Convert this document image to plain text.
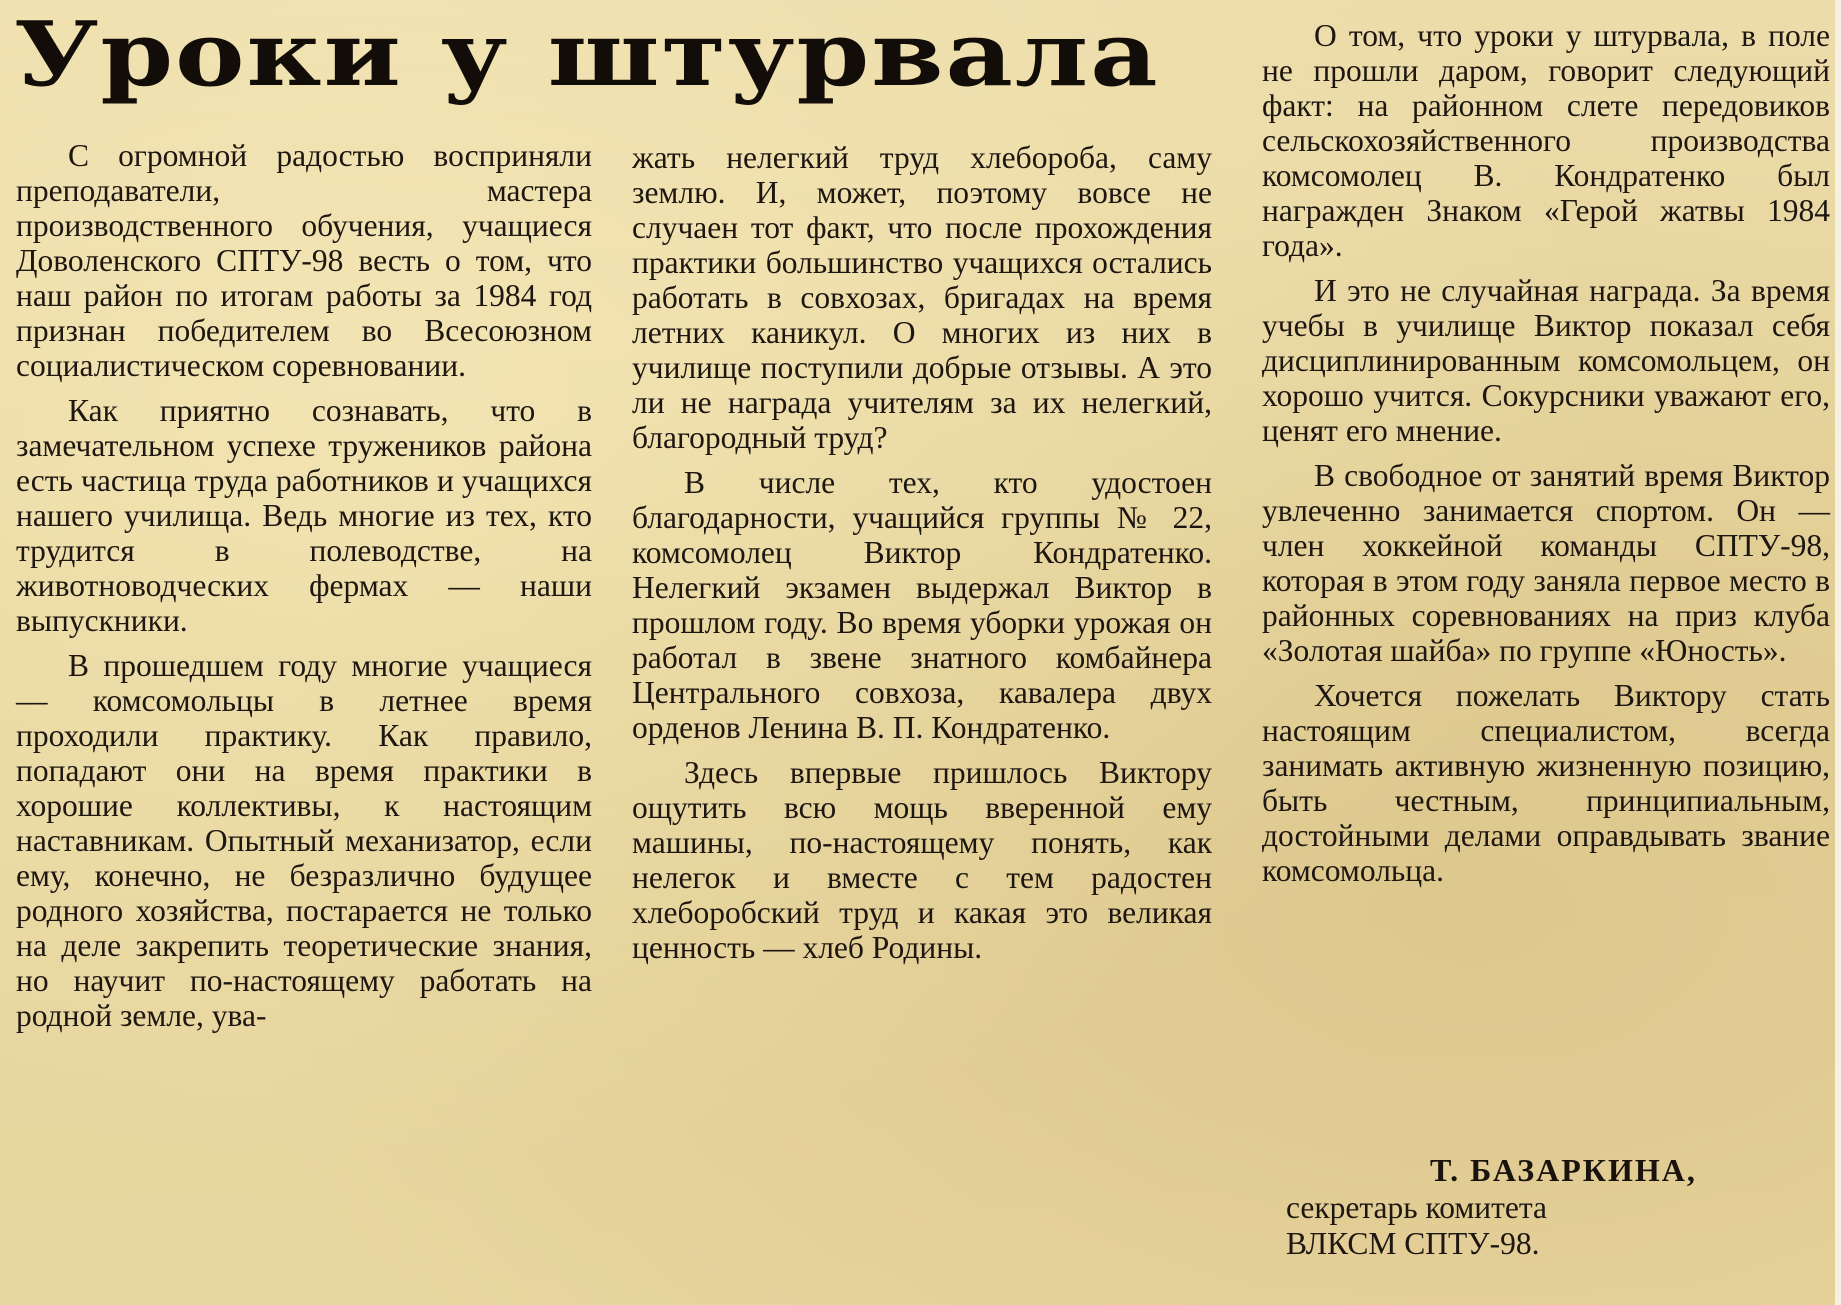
Уроки у штурвала

С огромной радостью восприняли преподаватели, мастера производственного обучения, учащиеся Доволенского СПТУ-98 весть о том, что наш район по итогам работы за 1984 год признан победителем во Всесоюзном социалистическом соревновании.

Как приятно сознавать, что в замечательном успехе тружеников района есть частица труда работников и учащихся нашего училища. Ведь многие из тех, кто трудится в полеводстве, на животноводческих фермах — наши выпускники.

В прошедшем году многие учащиеся — комсомольцы в летнее время проходили практику. Как правило, попадают они на время практики в хорошие коллективы, к настоящим наставникам. Опытный механизатор, если ему, конечно, не безразлично будущее родного хозяйства, постарается не только на деле закрепить теоретические знания, но научит по-настоящему работать на родной земле, ува-

жать нелегкий труд хлебороба, саму землю. И, может, поэтому вовсе не случаен тот факт, что после прохождения практики большинство учащихся остались работать в совхозах, бригадах на время летних каникул. О многих из них в училище поступили добрые отзывы. А это ли не награда учителям за их нелегкий, благородный труд?

В числе тех, кто удостоен благодарности, учащийся группы № 22, комсомолец Виктор Кондратенко. Нелегкий экзамен выдержал Виктор в прошлом году. Во время уборки урожая он работал в звене знатного комбайнера Центрального совхоза, кавалера двух орденов Ленина В. П. Кондратенко.

Здесь впервые пришлось Виктору ощутить всю мощь вверенной ему машины, по-настоящему понять, как нелегок и вместе с тем радостен хлеборобский труд и какая это великая ценность — хлеб Родины.

О том, что уроки у штурвала, в поле не прошли даром, говорит следующий факт: на районном слете передовиков сельскохозяйственного производства комсомолец В. Кондратенко был награжден Знаком «Герой жатвы 1984 года».

И это не случайная награда. За время учебы в училище Виктор показал себя дисциплинированным комсомольцем, он хорошо учится. Сокурсники уважают его, ценят его мнение.

В свободное от занятий время Виктор увлеченно занимается спортом. Он — член хоккейной команды СПТУ-98, которая в этом году заняла первое место в районных соревнованиях на приз клуба «Золотая шайба» по группе «Юность».

Хочется пожелать Виктору стать настоящим специалистом, всегда занимать активную жизненную позицию, быть честным, принципиальным, достойными делами оправдывать звание комсомольца.

Т. БАЗАРКИНА,
секретарь комитета
ВЛКСМ СПТУ-98.
